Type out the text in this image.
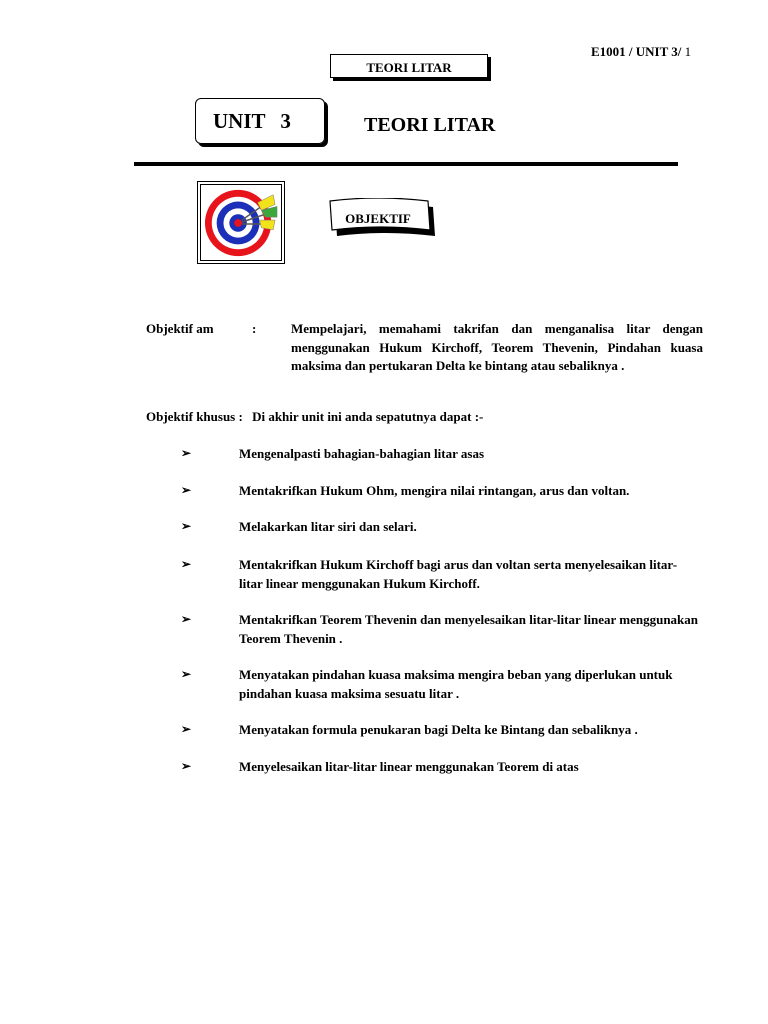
E1001 / UNIT 3/ 1
TEORI LITAR
UNIT 3	TEORI LITAR
OBJEKTIF
Objektif am	:	Mempelajari, memahami takrifan dan menganalisa litar dengan menggunakan Hukum Kirchoff, Teorem Thevenin, Pindahan kuasa maksima dan pertukaran Delta ke bintang atau sebaliknya .
Objektif khusus : Di akhir unit ini anda sepatutnya dapat :-
➢	Mengenalpasti bahagian-bahagian litar asas
➢	Mentakrifkan Hukum Ohm, mengira nilai rintangan, arus dan voltan.
➢	Melakarkan litar siri dan selari.
➢	Mentakrifkan Hukum Kirchoff bagi arus dan voltan serta menyelesaikan litar-litar linear menggunakan Hukum Kirchoff.
➢	Mentakrifkan Teorem Thevenin dan menyelesaikan litar-litar linear menggunakan Teorem Thevenin .
➢	Menyatakan pindahan kuasa maksima mengira beban yang diperlukan untuk pindahan kuasa maksima sesuatu litar .
➢	Menyatakan formula penukaran bagi Delta ke Bintang dan sebaliknya .
➢	Menyelesaikan litar-litar linear menggunakan Teorem di atas
